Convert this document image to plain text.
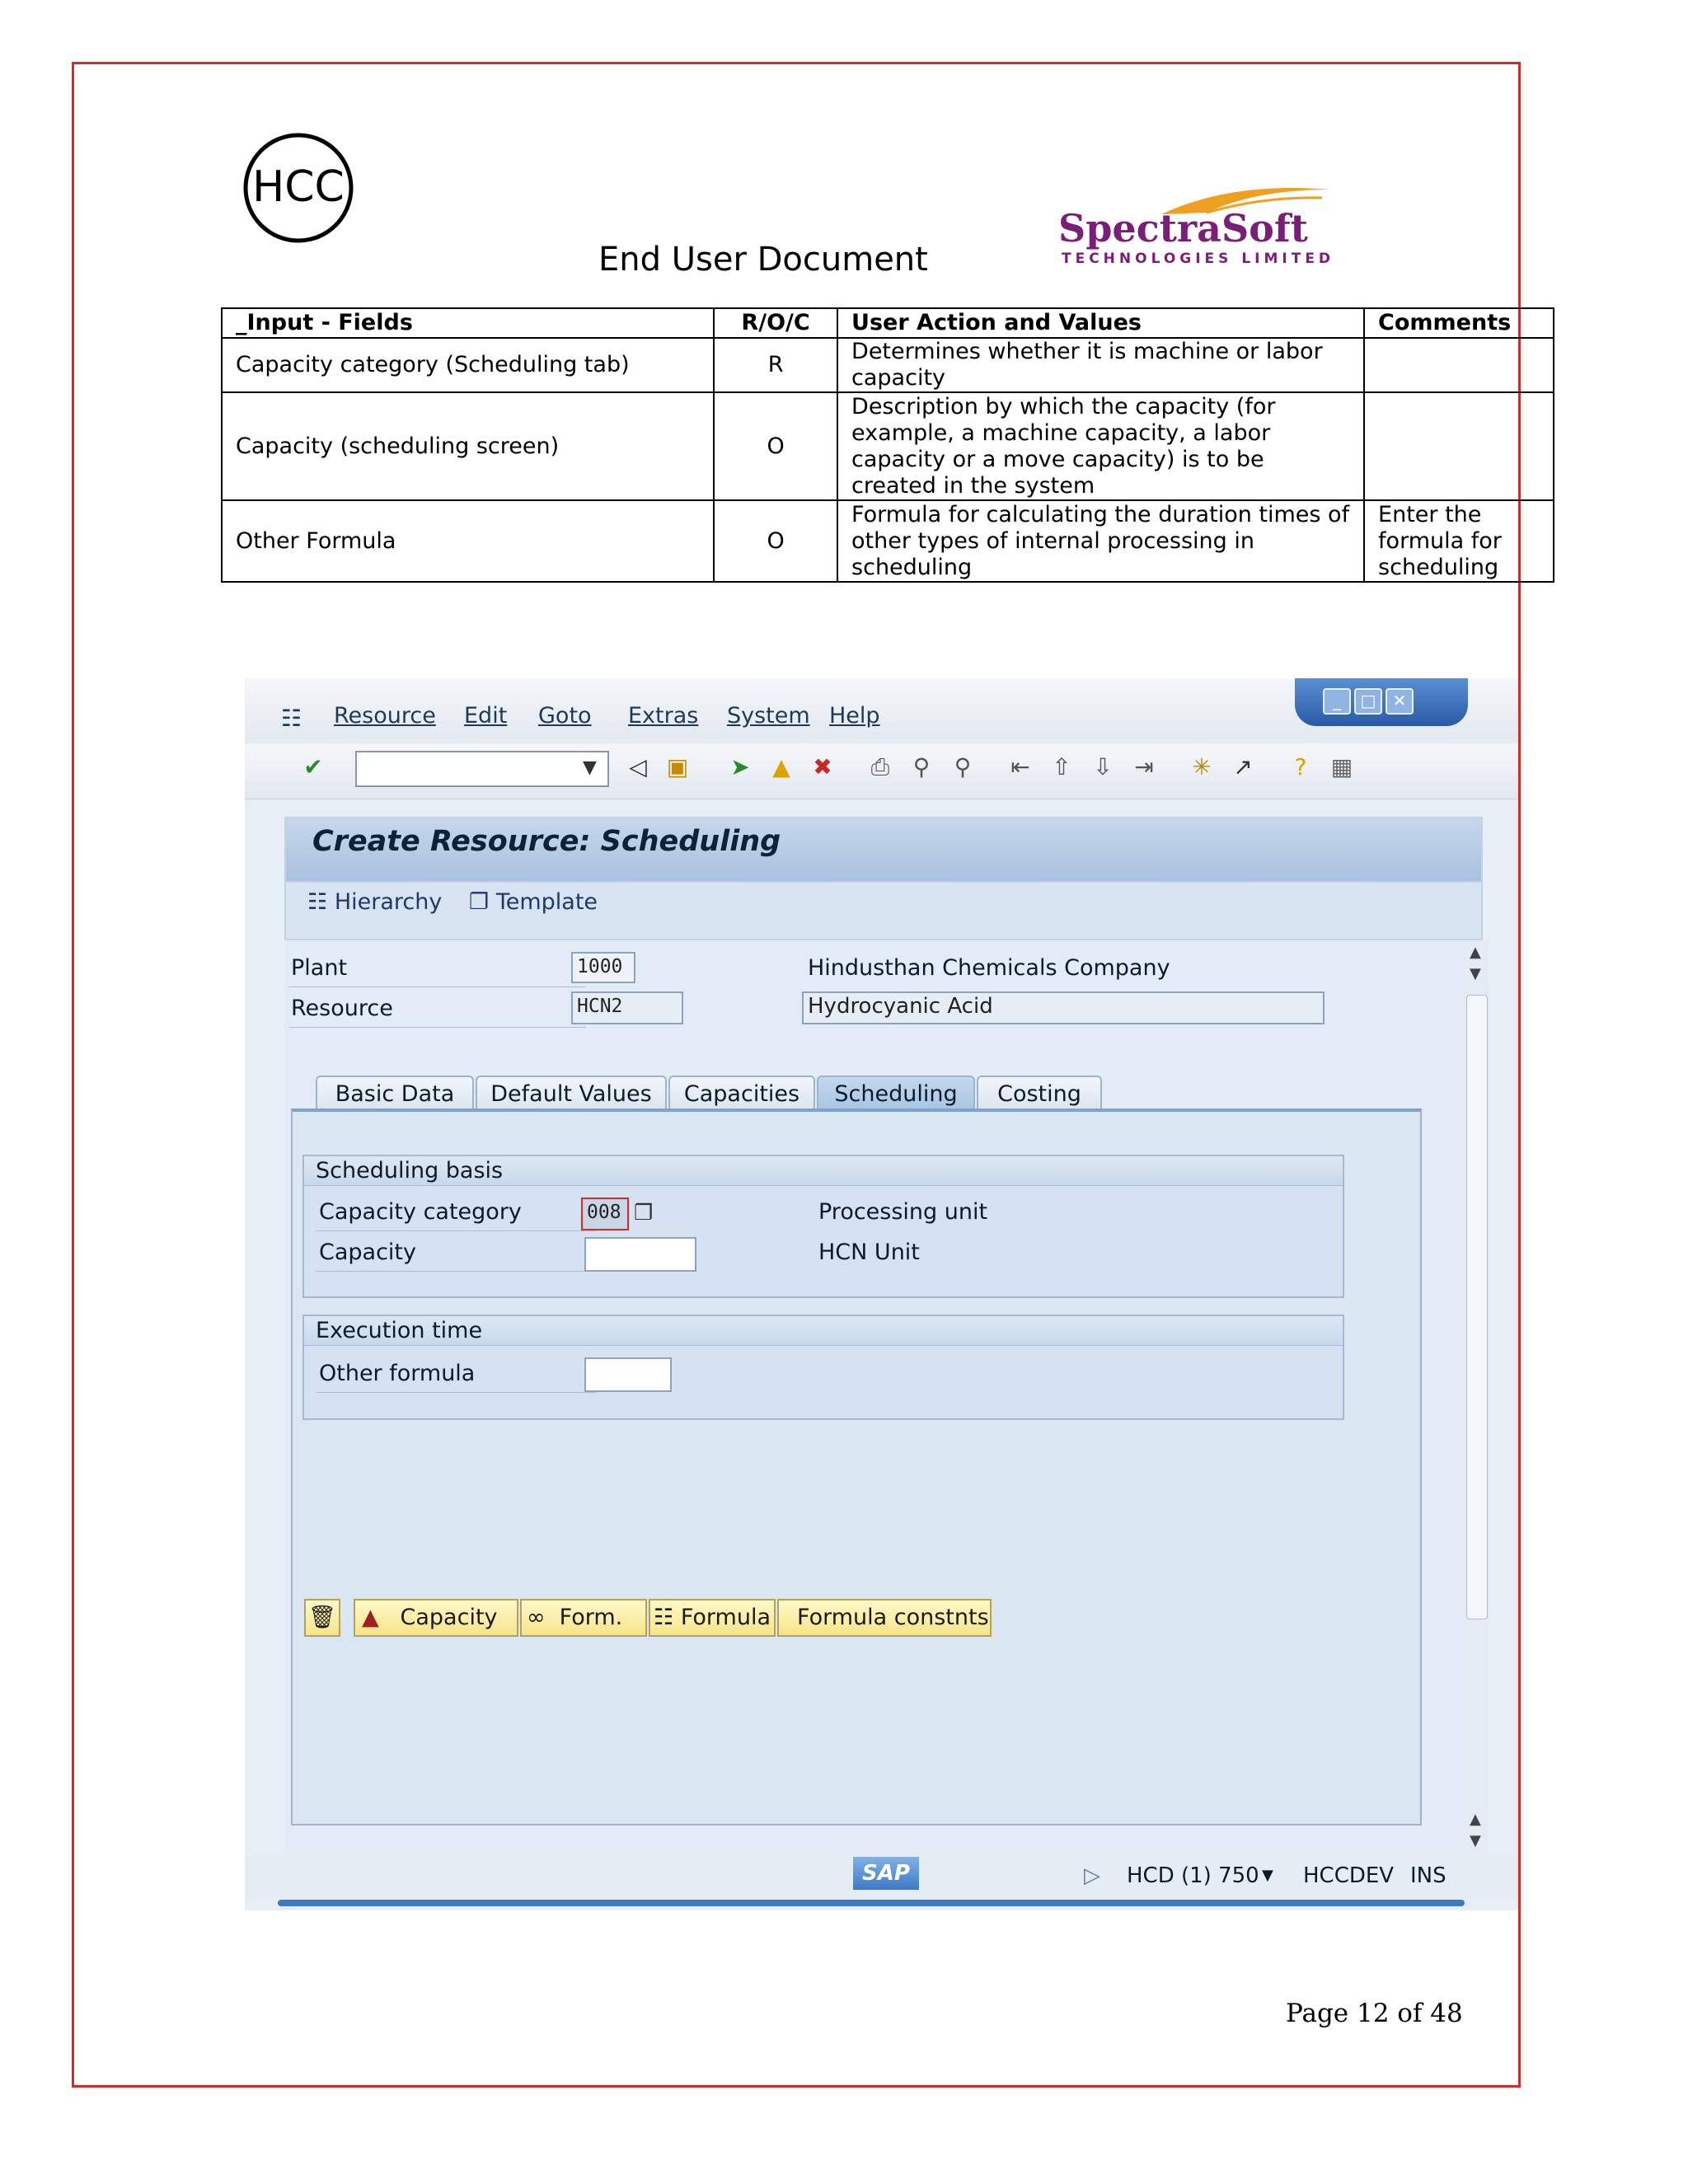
HCC
End User Document
SpectraSoft
TECHNOLOGIES LIMITED
_Input - Fields	R/O/C	User Action and Values	Comments
Capacity category (Scheduling tab)	R	Determines whether it is machine or labor capacity	
Capacity (scheduling screen)	O	Description by which the capacity (for example, a machine capacity, a labor capacity or a move capacity) is to be created in the system	
Other Formula	O	Formula for calculating the duration times of other types of internal processing in scheduling	Enter the formula for scheduling
☷ Resource Edit Goto Extras System Help
_	□	✕
✔	▼ ◁ ▣ ➤ ▲ ✖ ⎙ ⚲ ⚲ ⇤ ⇧ ⇩ ⇥ ✳ ↗ ? ▦
Create Resource: Scheduling
☷ Hierarchy ❐ Template
▲
▼
▲
▼
Plant	1000	Hindusthan Chemicals Company
Resource	HCN2	Hydrocyanic Acid
Basic Data	Default Values	Capacities	Scheduling	Costing
Scheduling basis
Capacity category	008 ❐	Processing unit
Capacity	HCN Unit
Execution time
Other formula
🗑	▲ Capacity	∞ Form.	☷ Formula	Formula constnts
SAP	▷ HCD (1) 750 ▼ HCCDEV INS
Page 12 of 48
